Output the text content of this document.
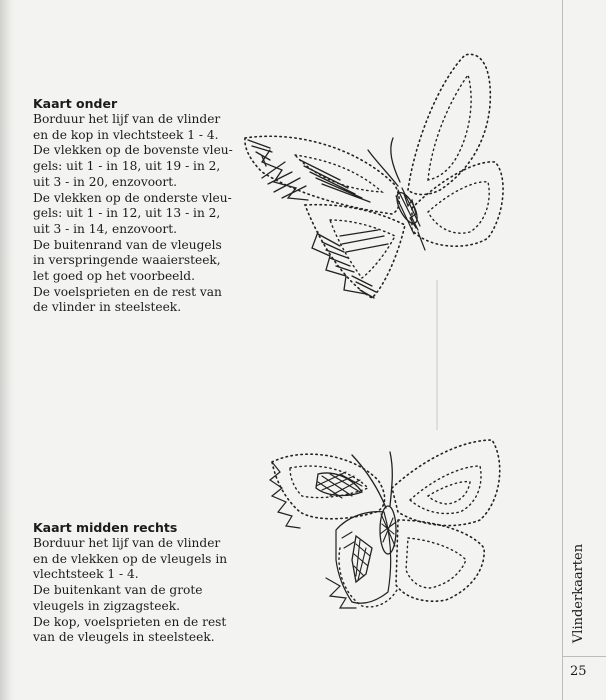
Kaart onder
Borduur het lijf van de vlinder
en de kop in vlechtsteek 1 - 4.
De vlekken op de bovenste vleu-
gels: uit 1 - in 18, uit 19 - in 2,
uit 3 - in 20, enzovoort.
De vlekken op de onderste vleu-
gels: uit 1 - in 12, uit 13 - in 2,
uit 3 - in 14, enzovoort.
De buitenrand van de vleugels
in verspringende waaiersteek,
let goed op het voorbeeld.
De voelsprieten en de rest van
de vlinder in steelsteek.
Kaart midden rechts
Borduur het lijf van de vlinder
en de vlekken op de vleugels in
vlechtsteek 1 - 4.
De buitenkant van de grote
vleugels in zigzagsteek.
De kop, voelsprieten en de rest
van de vleugels in steelsteek.	Vlinderkaarten
25
